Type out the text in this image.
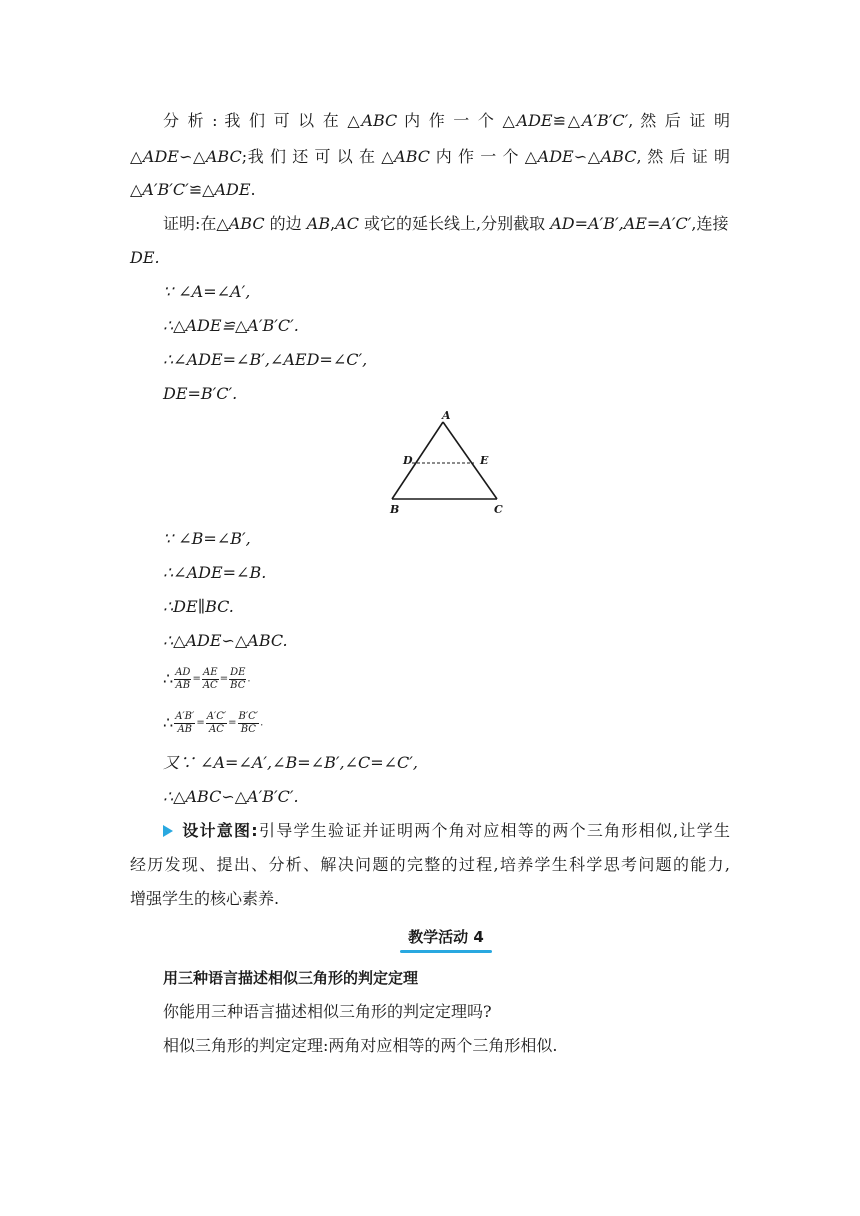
分 析 : 我 们 可 以 在 △ABC 内 作 一 个 △ADE≌△A′B′C′, 然 后 证 明
△ADE∽△ABC;我 们 还 可 以 在 △ABC 内 作 一 个 △ADE∽△ABC, 然 后 证 明
△A′B′C′≌△ADE.
证明:在△ABC 的边 AB,AC 或它的延长线上,分别截取 AD=A′B′,AE=A′C′,连接
DE.
∵ ∠A=∠A′,
∴△ADE≌△A′B′C′.
∴∠ADE=∠B′,∠AED=∠C′,
DE=B′C′.
A
D	E
B	C
∵ ∠B=∠B′,
∴∠ADE=∠B.
∴DE∥BC.
∴△ADE∽△ABC.
∴ $\frac{AD}{AB} = \frac{AE}{AC} = \frac{DE}{BC}$ .
∴ $\frac{A'B'}{AB} = \frac{A'C'}{AC} = \frac{B'C'}{BC}$ .
又∵ ∠A=∠A′,∠B=∠B′,∠C=∠C′,
∴△ABC∽△A′B′C′.
设计意图:引导学生验证并证明两个角对应相等的两个三角形相似,让学生
经历发现、提出、分析、解决问题的完整的过程,培养学生科学思考问题的能力,
增强学生的核心素养.
教学活动 4
用三种语言描述相似三角形的判定定理
你能用三种语言描述相似三角形的判定定理吗?
相似三角形的判定定理:两角对应相等的两个三角形相似.
